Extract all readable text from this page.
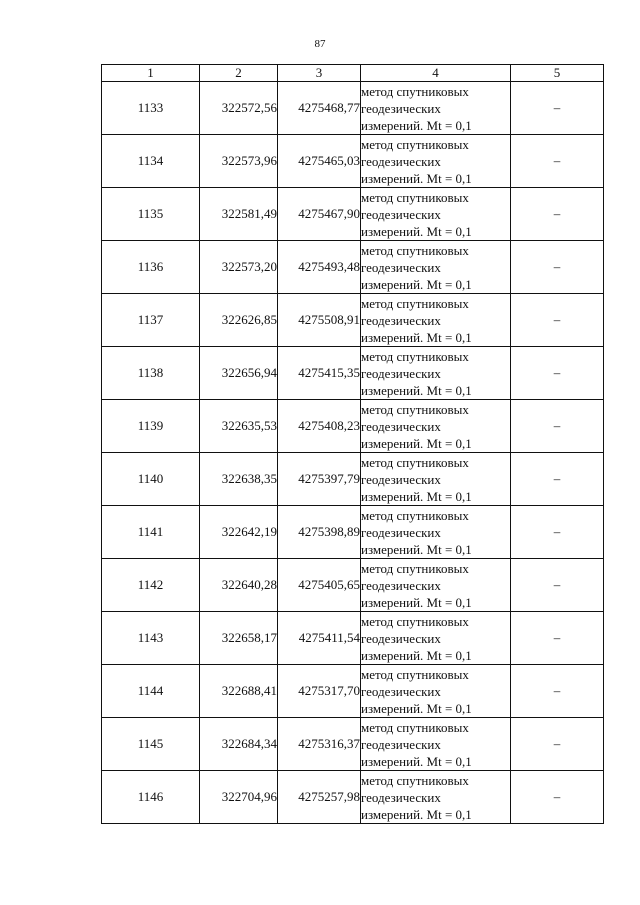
87
1	2	3	4	5
1133	322572,56	4275468,77	метод спутниковых
геодезических
измерений. Mt = 0,1	–
1134	322573,96	4275465,03	метод спутниковых
геодезических
измерений. Mt = 0,1	–
1135	322581,49	4275467,90	метод спутниковых
геодезических
измерений. Mt = 0,1	–
1136	322573,20	4275493,48	метод спутниковых
геодезических
измерений. Mt = 0,1	–
1137	322626,85	4275508,91	метод спутниковых
геодезических
измерений. Mt = 0,1	–
1138	322656,94	4275415,35	метод спутниковых
геодезических
измерений. Mt = 0,1	–
1139	322635,53	4275408,23	метод спутниковых
геодезических
измерений. Mt = 0,1	–
1140	322638,35	4275397,79	метод спутниковых
геодезических
измерений. Mt = 0,1	–
1141	322642,19	4275398,89	метод спутниковых
геодезических
измерений. Mt = 0,1	–
1142	322640,28	4275405,65	метод спутниковых
геодезических
измерений. Mt = 0,1	–
1143	322658,17	4275411,54	метод спутниковых
геодезических
измерений. Mt = 0,1	–
1144	322688,41	4275317,70	метод спутниковых
геодезических
измерений. Mt = 0,1	–
1145	322684,34	4275316,37	метод спутниковых
геодезических
измерений. Mt = 0,1	–
1146	322704,96	4275257,98	метод спутниковых
геодезических
измерений. Mt = 0,1	–
